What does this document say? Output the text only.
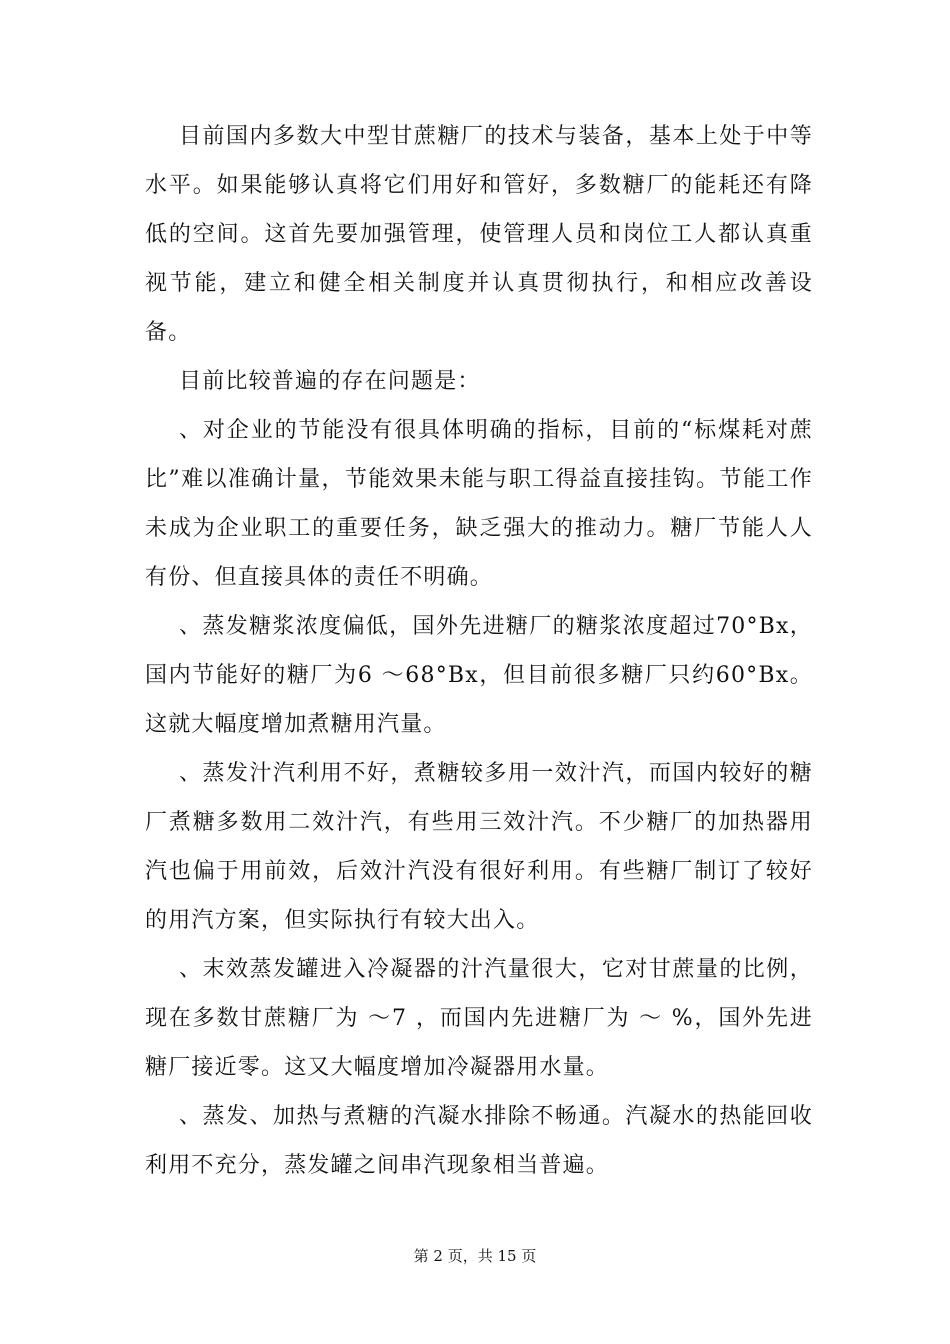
目前国内多数大中型甘蔗糖厂的技术与装备，基本上处于中等水平。如果能够认真将它们用好和管好，多数糖厂的能耗还有降低的空间。这首先要加强管理，使管理人员和岗位工人都认真重视节能，建立和健全相关制度并认真贯彻执行，和相应改善设备。

目前比较普遍的存在问题是：

、对企业的节能没有很具体明确的指标，目前的“标煤耗对蔗比”难以准确计量，节能效果未能与职工得益直接挂钩。节能工作未成为企业职工的重要任务，缺乏强大的推动力。糖厂节能人人有份、但直接具体的责任不明确。

、蒸发糖浆浓度偏低，国外先进糖厂的糖浆浓度超过70°Bx，国内节能好的糖厂为6 ～68°Bx，但目前很多糖厂只约60°Bx。这就大幅度增加煮糖用汽量。

、蒸发汁汽利用不好，煮糖较多用一效汁汽，而国内较好的糖厂煮糖多数用二效汁汽，有些用三效汁汽。不少糖厂的加热器用汽也偏于用前效，后效汁汽没有很好利用。有些糖厂制订了较好的用汽方案，但实际执行有较大出入。

、末效蒸发罐进入冷凝器的汁汽量很大，它对甘蔗量的比例，现在多数甘蔗糖厂为 ～7 ，而国内先进糖厂为 ～ %，国外先进糖厂接近零。这又大幅度增加冷凝器用水量。

、蒸发、加热与煮糖的汽凝水排除不畅通。汽凝水的热能回收利用不充分，蒸发罐之间串汽现象相当普遍。

第 2 页，共 15 页
